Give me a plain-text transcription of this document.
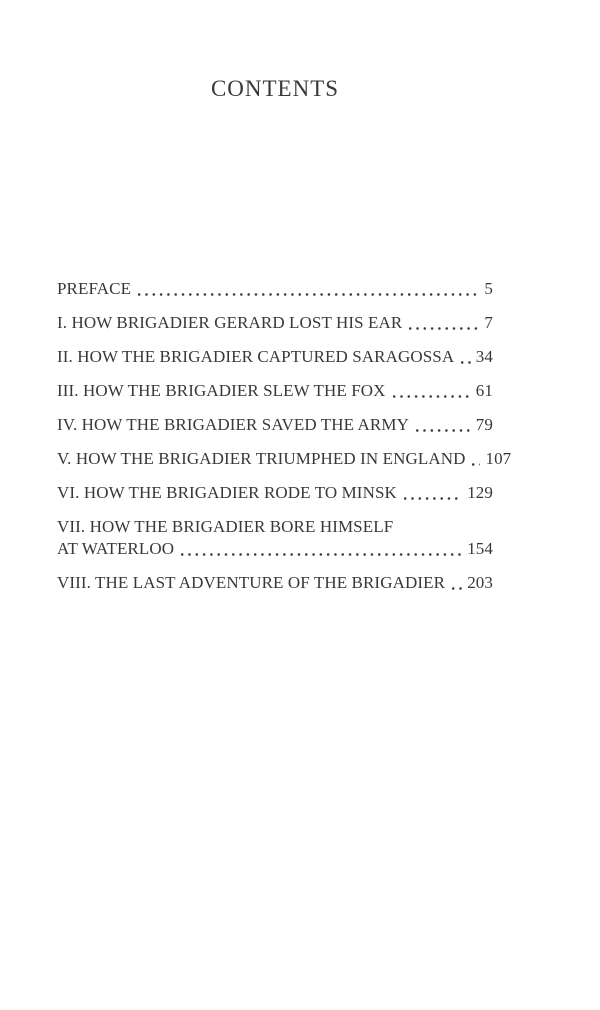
CONTENTS
PREFACE	5
I. HOW BRIGADIER GERARD LOST HIS EAR	7
II. HOW THE BRIGADIER CAPTURED SARAGOSSA 34
III. HOW THE BRIGADIER SLEW THE FOX	61
IV. HOW THE BRIGADIER SAVED THE ARMY	79
V. HOW THE BRIGADIER TRIUMPHED IN ENGLAND 107
VI. HOW THE BRIGADIER RODE TO MINSK	129
VII. HOW THE BRIGADIER BORE HIMSELF
AT WATERLOO	154
VIII. THE LAST ADVENTURE OF THE BRIGADIER 203
